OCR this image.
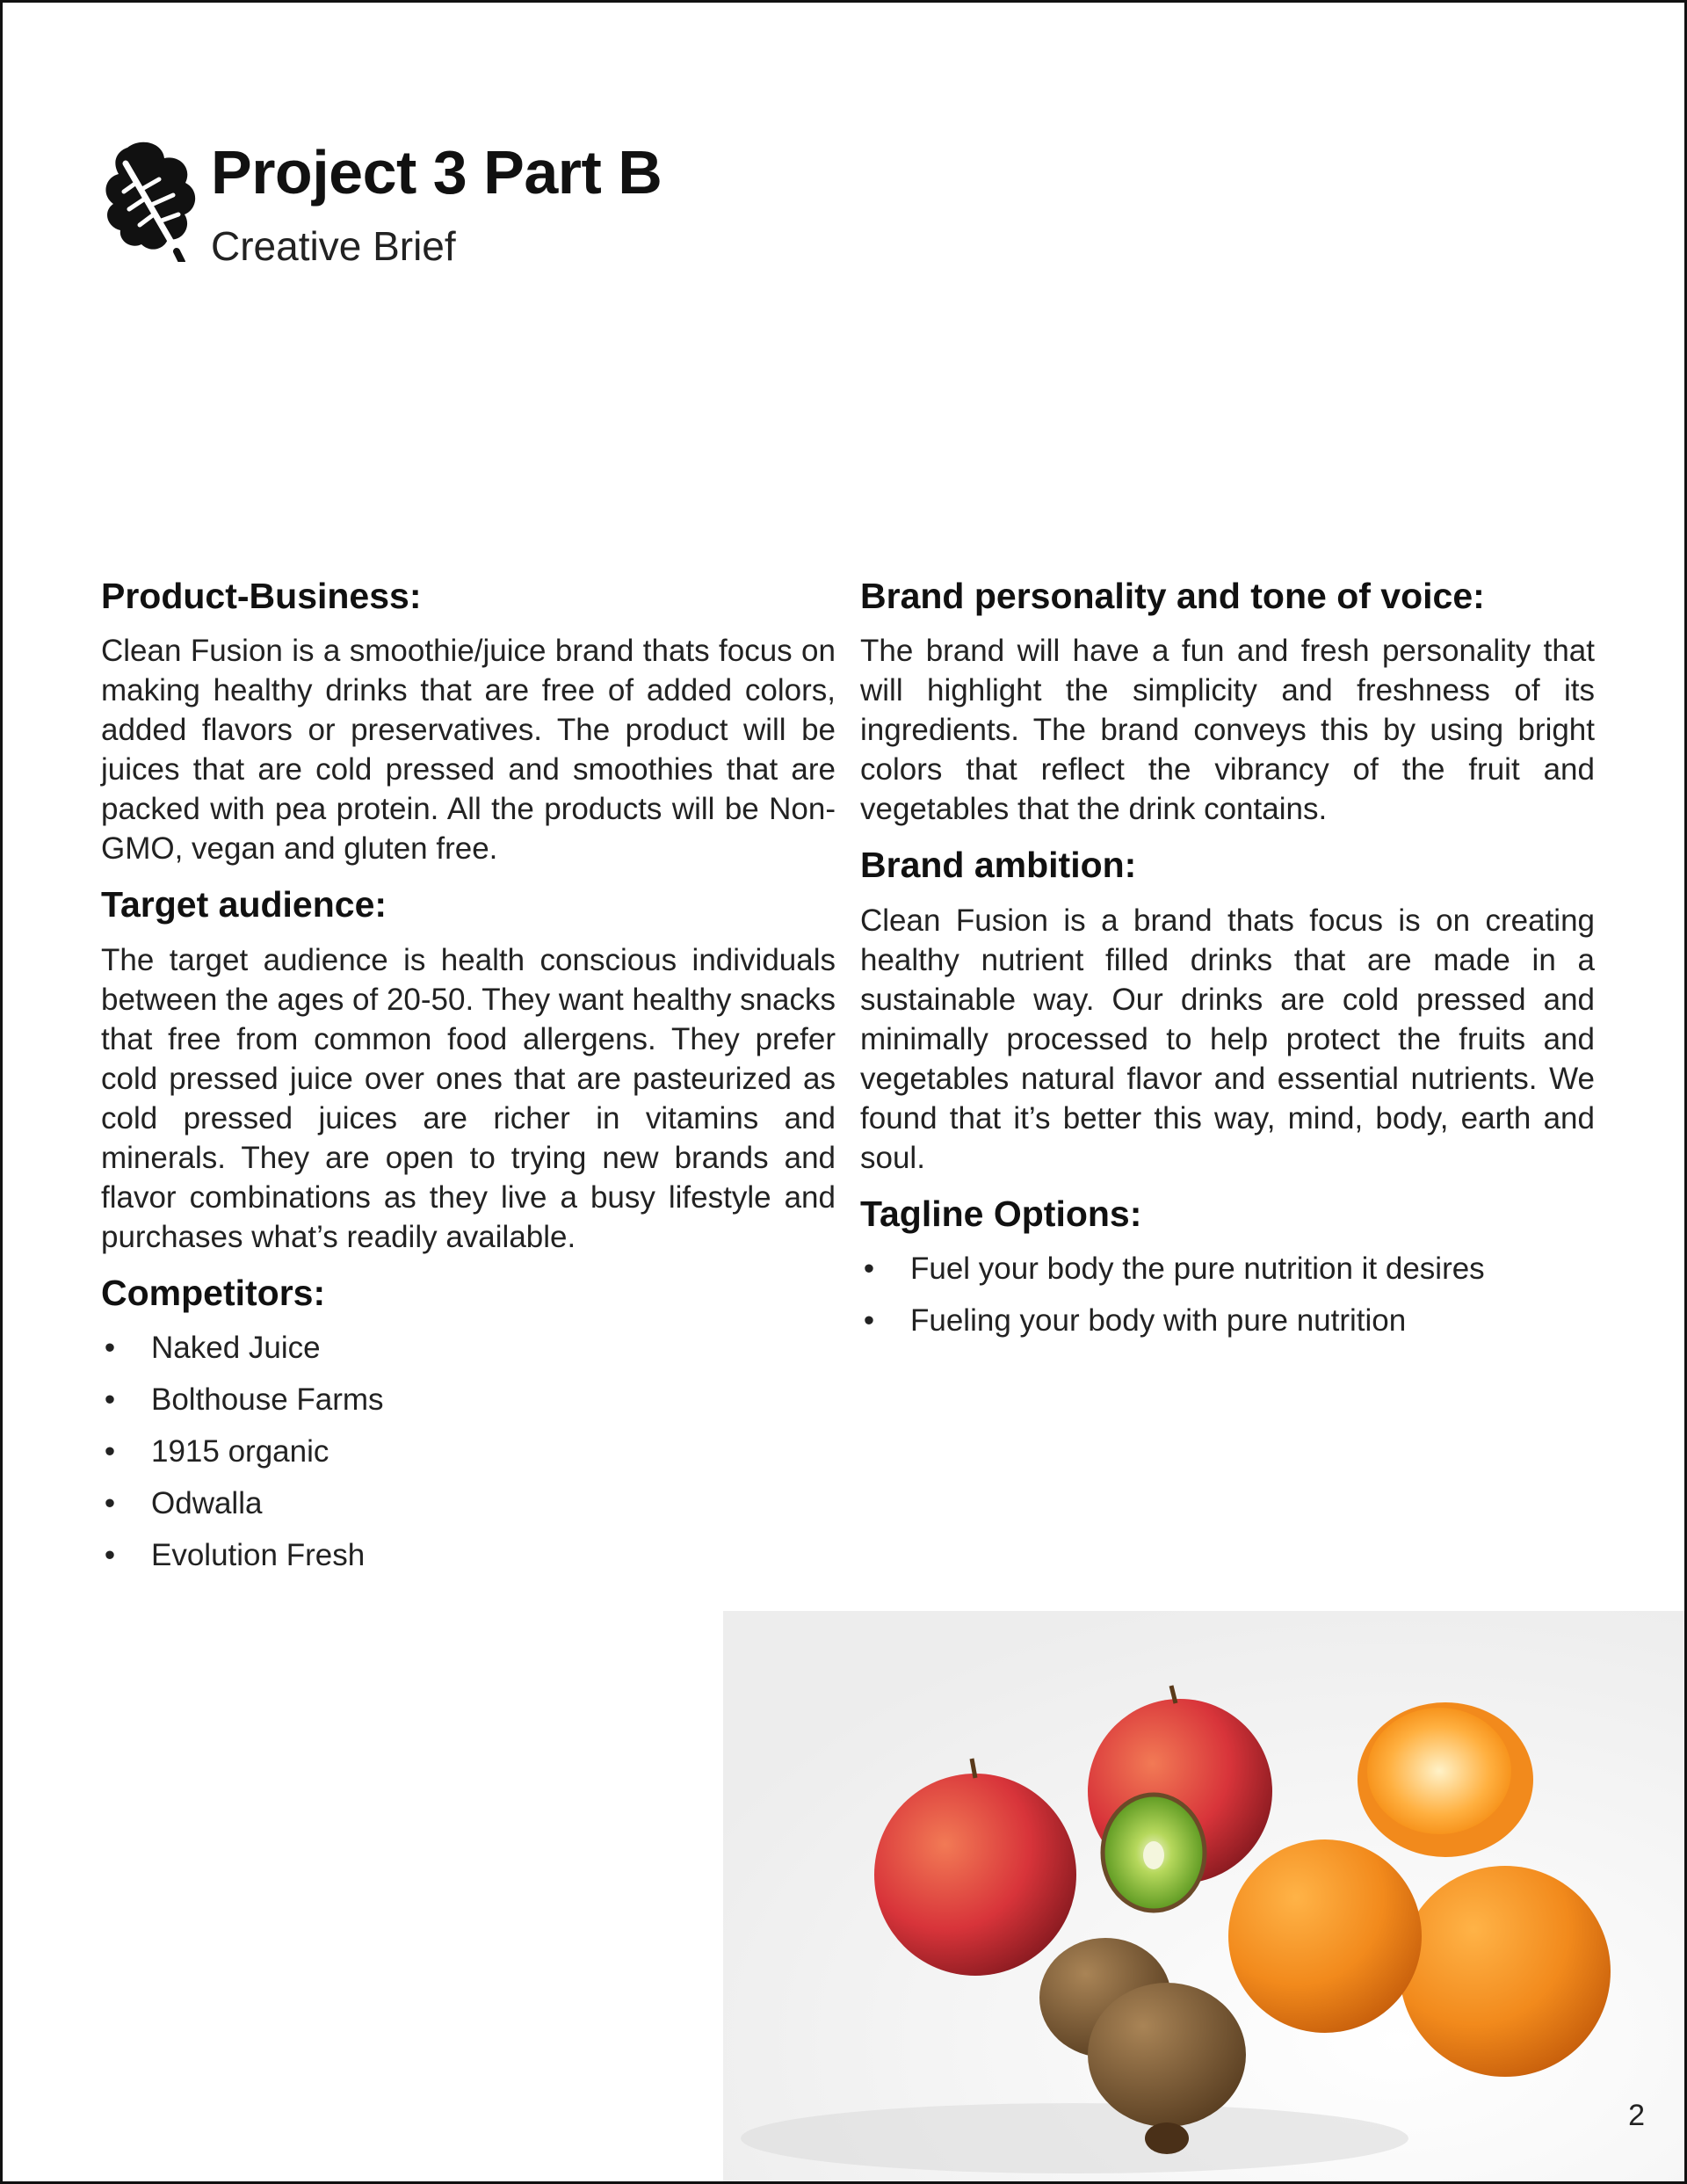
Project 3 Part B
Creative Brief
Product-Business:

Clean Fusion is a smoothie/juice brand thats focus on making healthy drinks that are free of added colors, added flavors or preservatives. The product will be juices that are cold pressed and smoothies that are packed with pea protein. All the products will be Non-GMO, vegan and gluten free.

Target audience:

The target audience is health conscious individuals between the ages of 20-50. They want healthy snacks that free from common food allergens. They prefer cold pressed juice over ones that are pasteurized as cold pressed juices are richer in vitamins and minerals. They are open to trying new brands and flavor combinations as they live a busy lifestyle and purchases what’s readily available.

Competitors:
• Naked Juice
• Bolthouse Farms
• 1915 organic
• Odwalla
• Evolution Fresh
Brand personality and tone of voice:

The brand will have a fun and fresh personality that will highlight the simplicity and freshness of its ingredients. The brand conveys this by using bright colors that reflect the vibrancy of the fruit and vegetables that the drink contains.

Brand ambition:

Clean Fusion is a brand thats focus is on creating healthy nutrient filled drinks that are made in a sustainable way. Our drinks are cold pressed and minimally processed to help protect the fruits and vegetables natural flavor and essential nutrients. We found that it’s better this way, mind, body, earth and soul.

Tagline Options:
• Fuel your body the pure nutrition it desires
• Fueling your body with pure nutrition
2
